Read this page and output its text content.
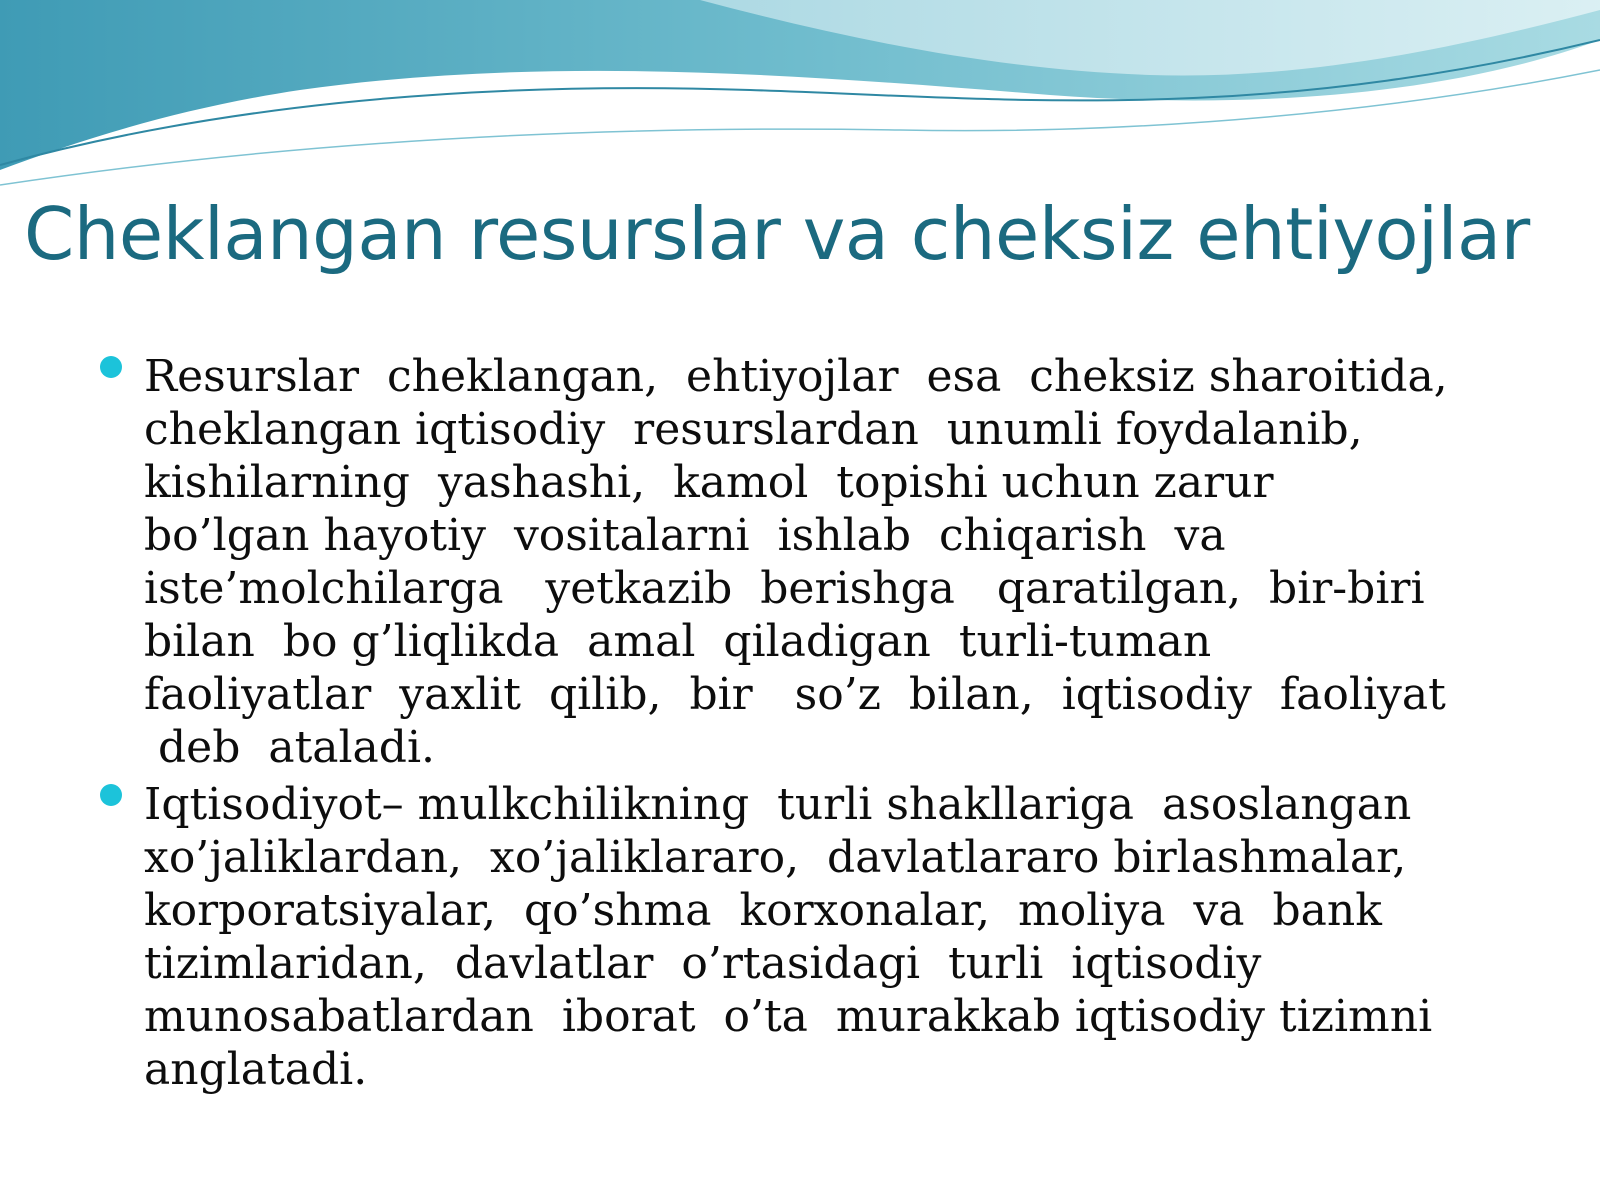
Cheklangan resurslar va cheksiz ehtiyojlar
Resurslar  cheklangan,  ehtiyojlar  esa  cheksiz sharoitida,
cheklangan iqtisodiy  resurslardan  unumli foydalanib,
kishilarning  yashashi,  kamol  topishi uchun zarur
bo’lgan hayotiy  vositalarni  ishlab  chiqarish  va
iste’molchilarga   yetkazib  berishga   qaratilgan,  bir-biri
bilan  bo g’liqlikda  amal  qiladigan  turli-tuman
faoliyatlar  yaxlit  qilib,  bir   so’z  bilan,  iqtisodiy  faoliyat
deb  ataladi.
Iqtisodiyot– mulkchilikning  turli shakllariga  asoslangan
xo’jaliklardan,  xo’jaliklararo,  davlatlararo birlashmalar,
korporatsiyalar,  qo’shma  korxonalar,  moliya  va  bank
tizimlaridan,  davlatlar  o’rtasidagi  turli  iqtisodiy
munosabatlardan  iborat  o’ta  murakkab iqtisodiy tizimni
anglatadi.
